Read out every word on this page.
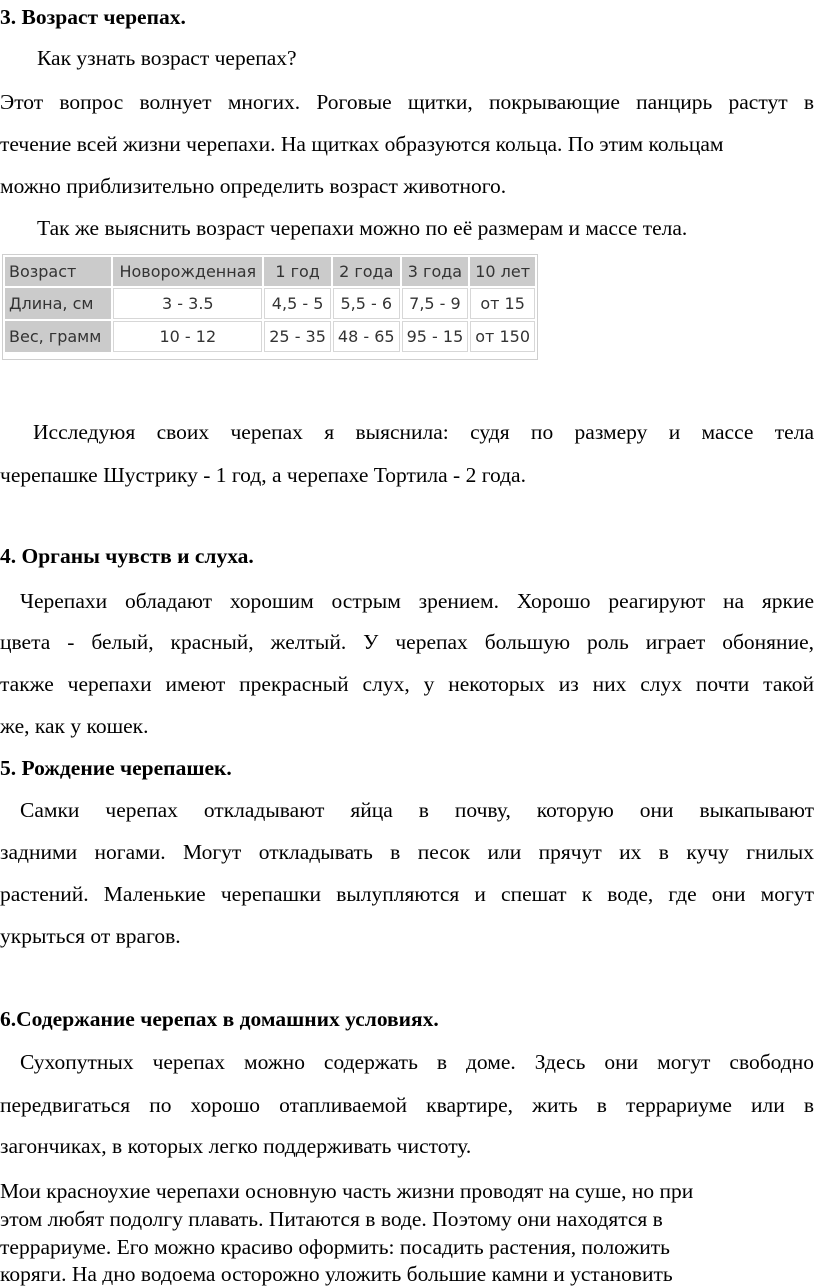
3. Возраст черепах.
Как узнать возраст черепах?
Этот вопрос волнует многих. Роговые щитки, покрывающие панцирь растут в
течение всей жизни черепахи. На щитках образуются кольца. По этим кольцам
можно приблизительно определить возраст животного.
Так же выяснить возраст черепахи можно по её размерам и массе тела.
Возраст	Новорожденная	1 год	2 года	3 года	10 лет
Длина, см	3 - 3.5	4,5 - 5	5,5 - 6	7,5 - 9	от 15
Вес, грамм	10 - 12	25 - 35	48 - 65	95 - 15	от 150
Исследуюя своих черепах я выяснила: судя по размеру и массе тела
черепашке Шустрику - 1 год, а черепахе Тортила - 2 года.
4. Органы чувств и слуха.
Черепахи обладают хорошим острым зрением. Хорошо реагируют на яркие
цвета - белый, красный, желтый. У черепах большую роль играет обоняние,
также черепахи имеют прекрасный слух, у некоторых из них слух почти такой
же, как у кошек.
5. Рождение черепашек.
Самки черепах откладывают яйца в почву, которую они выкапывают
задними ногами. Могут откладывать в песок или прячут их в кучу гнилых
растений. Маленькие черепашки вылупляются и спешат к воде, где они могут
укрыться от врагов.
6.Содержание черепах в домашних условиях.
Сухопутных черепах можно содержать в доме. Здесь они могут свободно
передвигаться по хорошо отапливаемой квартире, жить в террариуме или в
загончиках, в которых легко поддерживать чистоту.
Мои красноухие черепахи основную часть жизни проводят на суше, но при
этом любят подолгу плавать. Питаются в воде. Поэтому они находятся в
террариуме. Его можно красиво оформить: посадить растения, положить
коряги. На дно водоема осторожно уложить большие камни и установить
